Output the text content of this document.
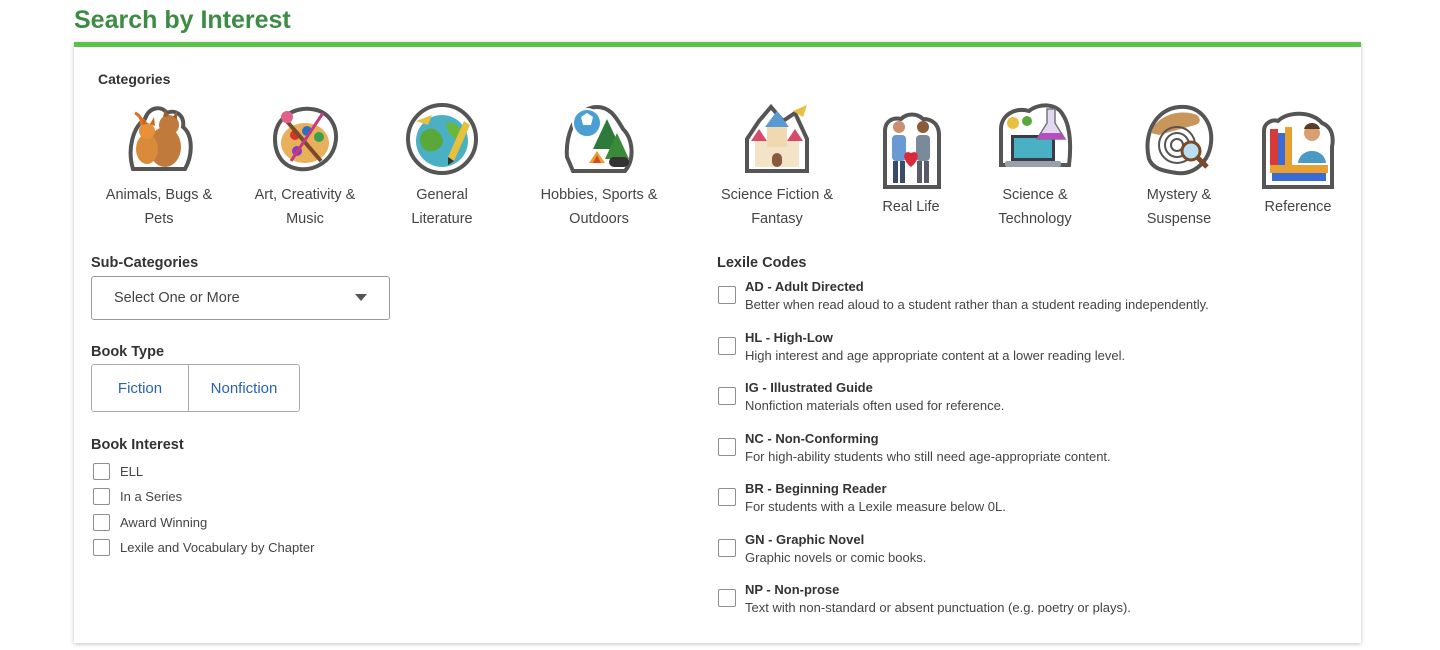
Search by Interest
Categories
Animals, Bugs & Pets
Art, Creativity & Music
General Literature
Hobbies, Sports & Outdoors
Science Fiction & Fantasy
Real Life
Science & Technology
Mystery & Suspense
Reference
Sub-Categories
Select One or More
Book Type
Fiction	Nonfiction
Book Interest
ELL
In a Series
Award Winning
Lexile and Vocabulary by Chapter
Lexile Codes
AD - Adult Directed
Better when read aloud to a student rather than a student reading independently.
HL - High-Low
High interest and age appropriate content at a lower reading level.
IG - Illustrated Guide
Nonfiction materials often used for reference.
NC - Non-Conforming
For high-ability students who still need age-appropriate content.
BR - Beginning Reader
For students with a Lexile measure below 0L.
GN - Graphic Novel
Graphic novels or comic books.
NP - Non-prose
Text with non-standard or absent punctuation (e.g. poetry or plays).
